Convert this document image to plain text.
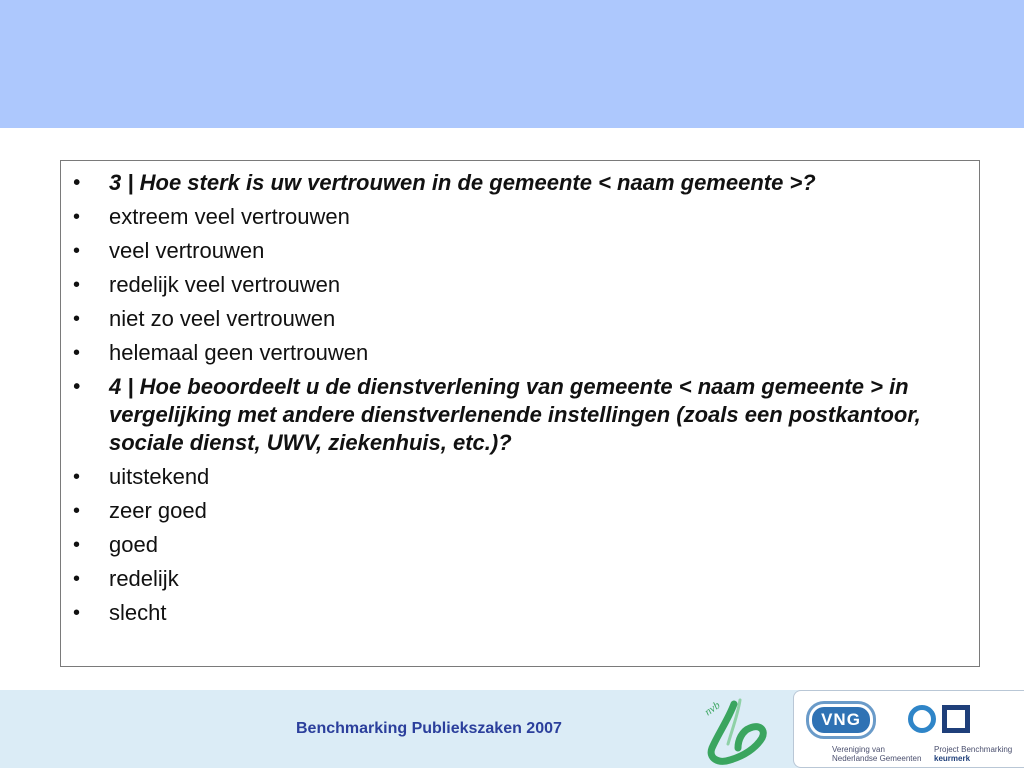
• 3 | Hoe sterk is uw vertrouwen in de gemeente < naam gemeente >?
• extreem veel vertrouwen
• veel vertrouwen
• redelijk veel vertrouwen
• niet zo veel vertrouwen
• helemaal geen vertrouwen
• 4 | Hoe beoordeelt u de dienstverlening van gemeente < naam gemeente > in vergelijking met andere dienstverlenende instellingen (zoals een postkantoor, sociale dienst, UWV, ziekenhuis, etc.)?
• uitstekend
• zeer goed
• goed
• redelijk
• slecht
Benchmarking Publiekszaken 2007
nvb
VNG
Vereniging van
Nederlandse Gemeenten
Project Benchmarking
keurmerk
